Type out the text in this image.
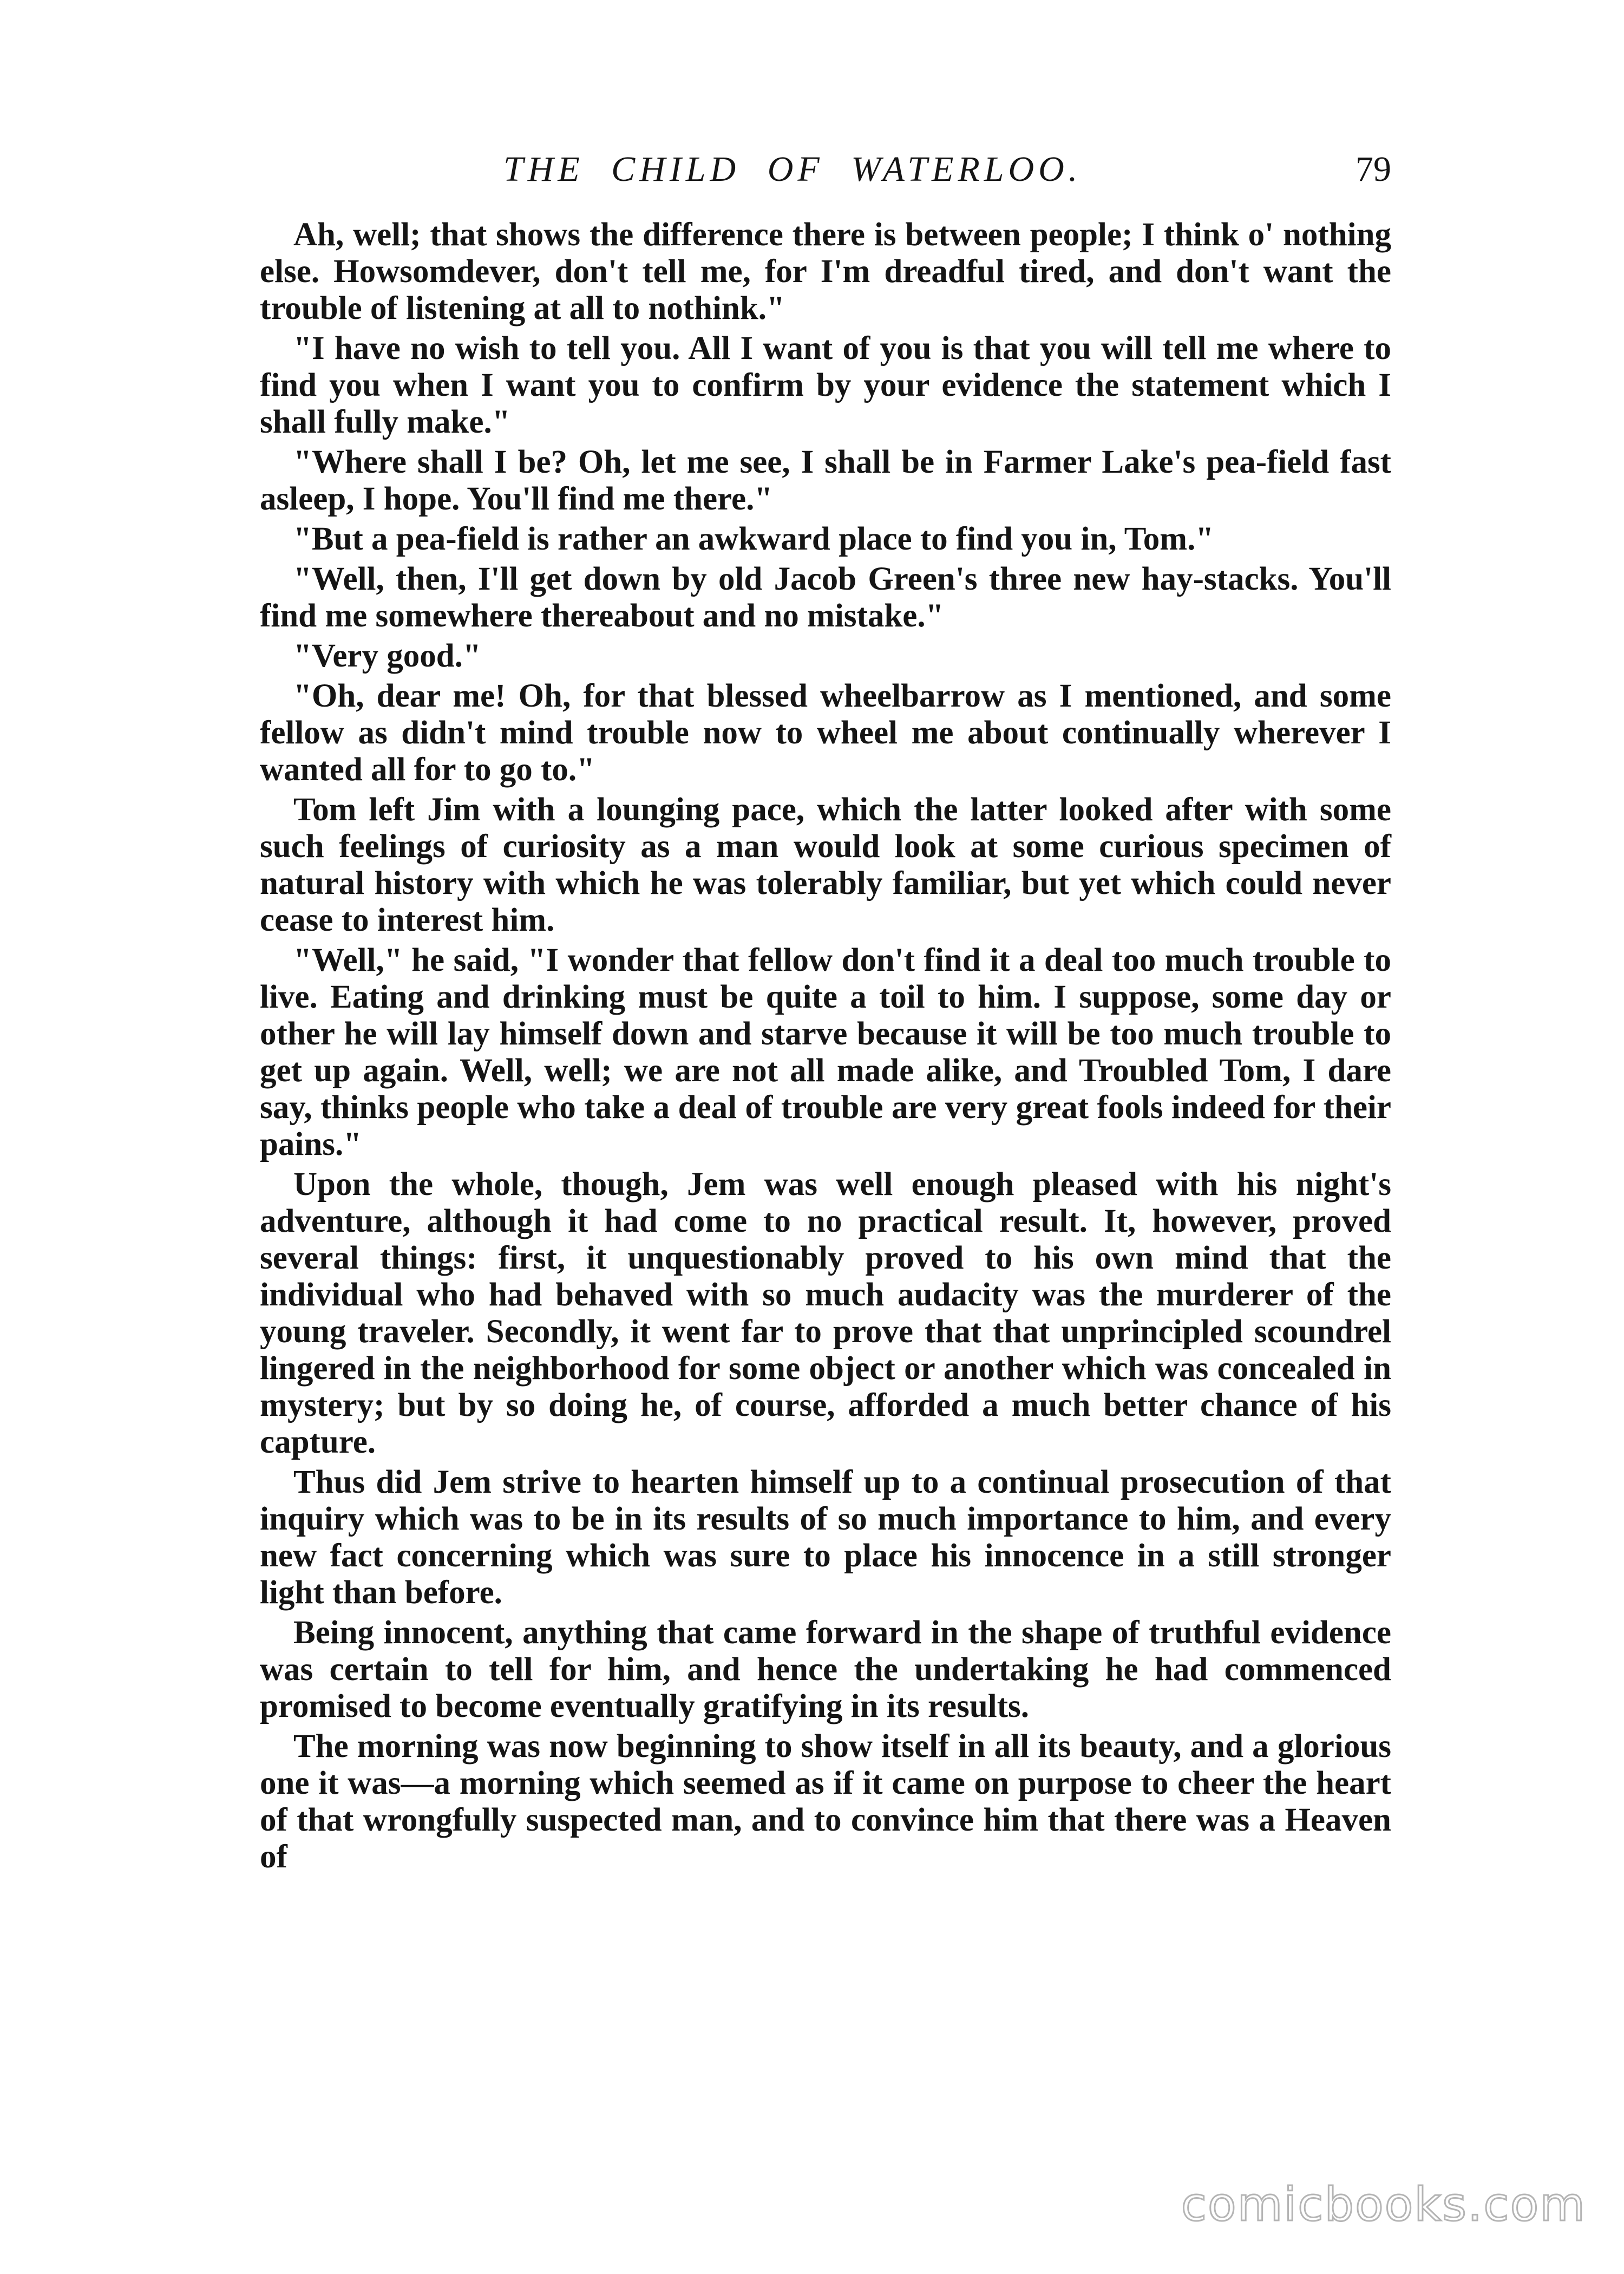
THE CHILD OF WATERLOO.	79

Ah, well; that shows the difference there is between people; I think o' nothing else. Howsomdever, don't tell me, for I'm dreadful tired, and don't want the trouble of listening at all to nothink."

"I have no wish to tell you. All I want of you is that you will tell me where to find you when I want you to confirm by your evidence the statement which I shall fully make."

"Where shall I be? Oh, let me see, I shall be in Farmer Lake's pea-field fast asleep, I hope. You'll find me there."

"But a pea-field is rather an awkward place to find you in, Tom."

"Well, then, I'll get down by old Jacob Green's three new hay-stacks. You'll find me somewhere thereabout and no mistake."

"Very good."

"Oh, dear me! Oh, for that blessed wheelbarrow as I mentioned, and some fellow as didn't mind trouble now to wheel me about continually wherever I wanted all for to go to."

Tom left Jim with a lounging pace, which the latter looked after with some such feelings of curiosity as a man would look at some curious specimen of natural history with which he was tolerably familiar, but yet which could never cease to interest him.

"Well," he said, "I wonder that fellow don't find it a deal too much trouble to live. Eating and drinking must be quite a toil to him. I suppose, some day or other he will lay himself down and starve because it will be too much trouble to get up again. Well, well; we are not all made alike, and Troubled Tom, I dare say, thinks people who take a deal of trouble are very great fools indeed for their pains."

Upon the whole, though, Jem was well enough pleased with his night's adventure, although it had come to no practical result. It, however, proved several things: first, it unquestionably proved to his own mind that the individual who had behaved with so much audacity was the murderer of the young traveler. Secondly, it went far to prove that that unprincipled scoundrel lingered in the neighborhood for some object or another which was concealed in mystery; but by so doing he, of course, afforded a much better chance of his capture.

Thus did Jem strive to hearten himself up to a continual prosecution of that inquiry which was to be in its results of so much importance to him, and every new fact concerning which was sure to place his innocence in a still stronger light than before.

Being innocent, anything that came forward in the shape of truthful evidence was certain to tell for him, and hence the undertaking he had commenced promised to become eventually gratifying in its results.

The morning was now beginning to show itself in all its beauty, and a glorious one it was—a morning which seemed as if it came on purpose to cheer the heart of that wrongfully suspected man, and to convince him that there was a Heaven of

comicbooks.com
